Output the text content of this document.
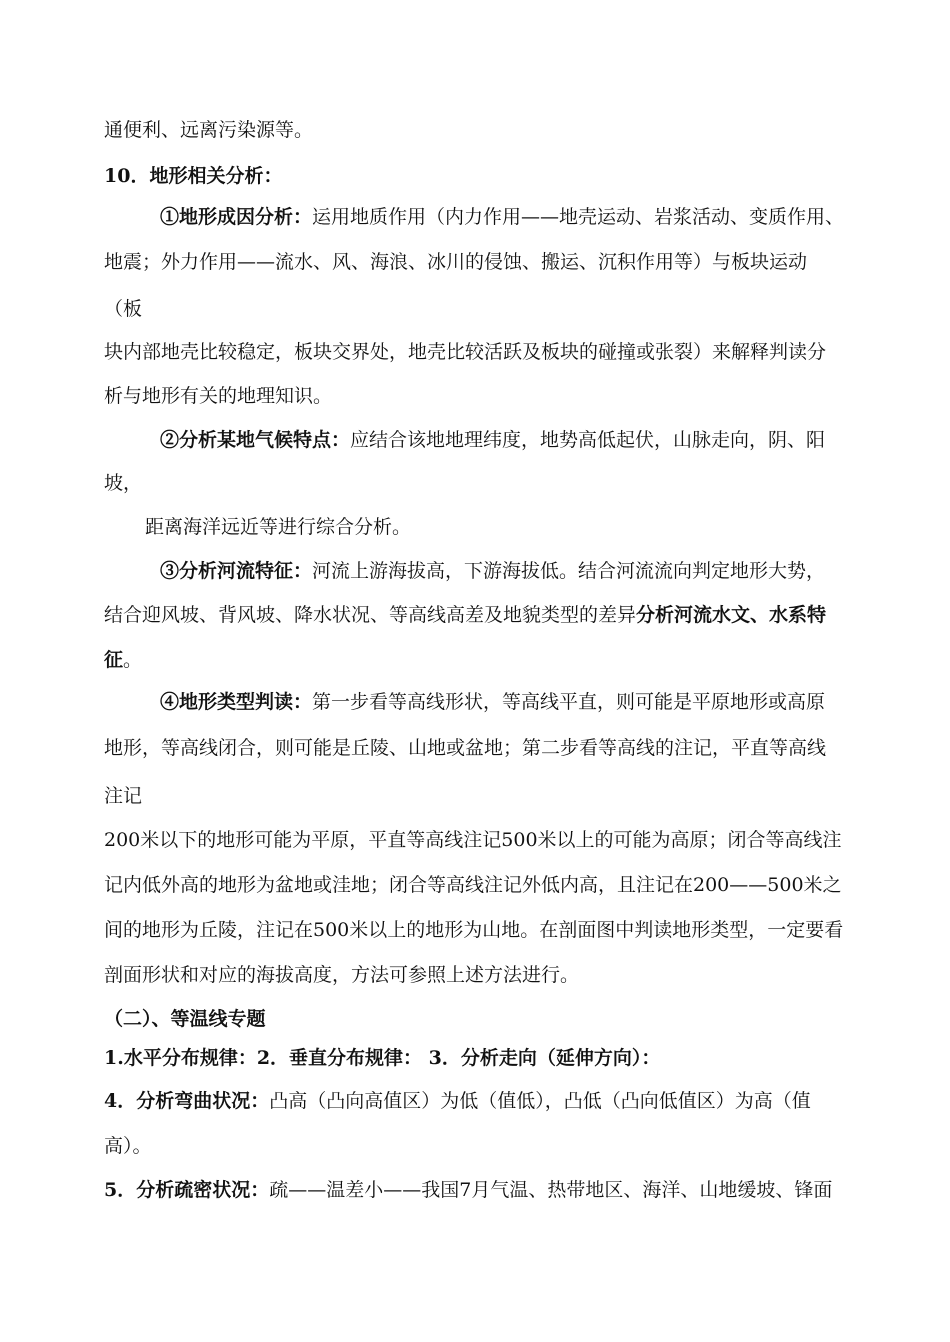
通便利、远离污染源等。
10．地形相关分析：
①地形成因分析：运用地质作用（内力作用——地壳运动、岩浆活动、变质作用、
地震；外力作用——流水、风、海浪、冰川的侵蚀、搬运、沉积作用等）与板块运动
（板
块内部地壳比较稳定，板块交界处，地壳比较活跃及板块的碰撞或张裂）来解释判读分
析与地形有关的地理知识。
②分析某地气候特点：应结合该地地理纬度，地势高低起伏，山脉走向，阴、阳
坡，
距离海洋远近等进行综合分析。
③分析河流特征：河流上游海拔高，下游海拔低。结合河流流向判定地形大势，
结合迎风坡、背风坡、降水状况、等高线高差及地貌类型的差异分析河流水文、水系特
征。
④地形类型判读：第一步看等高线形状，等高线平直，则可能是平原地形或高原
地形，等高线闭合，则可能是丘陵、山地或盆地；第二步看等高线的注记，平直等高线
注记
200米以下的地形可能为平原，平直等高线注记500米以上的可能为高原；闭合等高线注
记内低外高的地形为盆地或洼地；闭合等高线注记外低内高，且注记在200——500米之
间的地形为丘陵，注记在500米以上的地形为山地。在剖面图中判读地形类型，一定要看
剖面形状和对应的海拔高度，方法可参照上述方法进行。
（二）、等温线专题
1.水平分布规律：2．垂直分布规律： 3．分析走向（延伸方向）：
4．分析弯曲状况：凸高（凸向高值区）为低（值低），凸低（凸向低值区）为高（值
高）。
5．分析疏密状况：疏——温差小——我国7月气温、热带地区、海洋、山地缓坡、锋面
